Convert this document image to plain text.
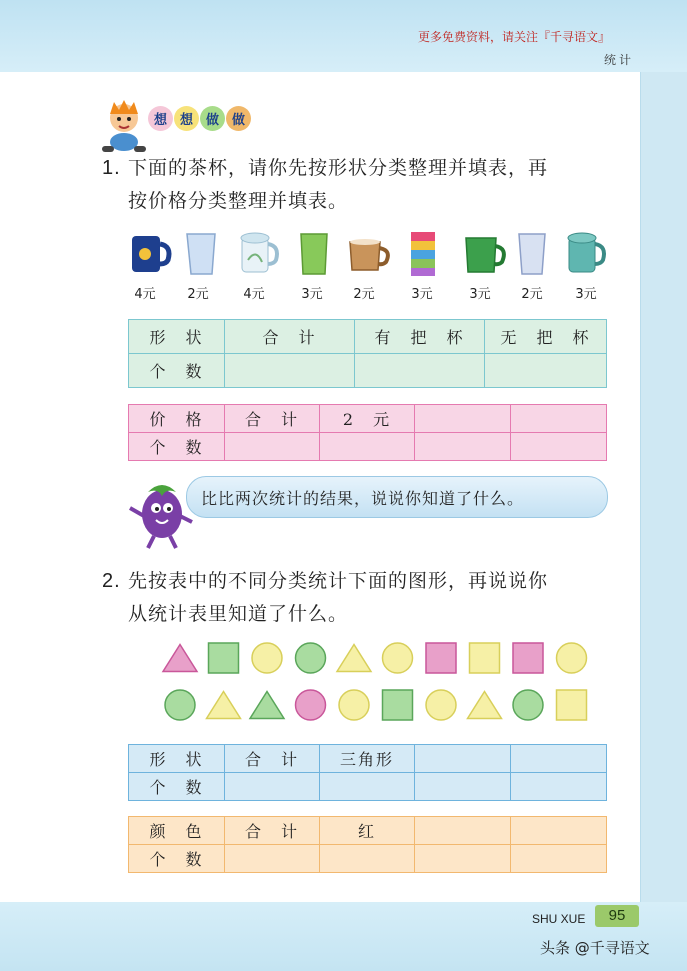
更多免费资料，请关注『千寻语文』
统计
想 想 做 做
1. 下面的茶杯，请你先按形状分类整理并填表，再
按价格分类整理并填表。
4元	2元	4元	3元	2元	3元	3元	2元	3元
形　状	合　计	有　把　杯	无　把　杯
个　数			
价　格	合　计	2　元		
个　数				
比比两次统计的结果，说说你知道了什么。
2. 先按表中的不同分类统计下面的图形，再说说你
从统计表里知道了什么。
形　状	合　计	三角形		
个　数				
颜　色	合　计	红		
个　数				
SHU XUE	95
头条 @千寻语文
